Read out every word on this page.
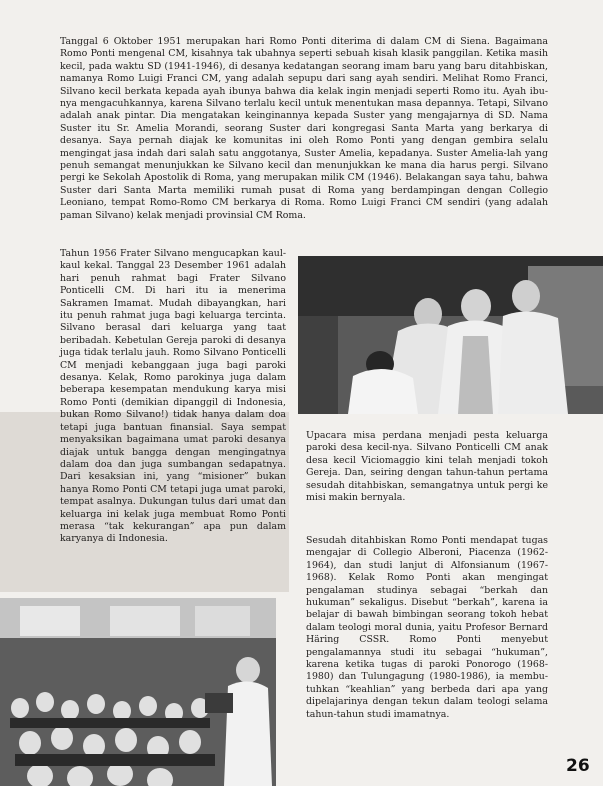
Tanggal 6 Oktober 1951 merupakan hari Romo Ponti diterima di dalam CM di Siena. Bagaimana Romo Ponti mengenal CM, kisahnya tak ubahnya seperti sebuah kisah klasik panggilan. Ketika masih kecil, pada waktu SD (1941-1946), di desanya kedatangan seorang imam baru yang baru ditahbiskan, namanya Romo Luigi Franci CM, yang adalah sepupu dari sang ayah sendiri. Melihat Romo Franci, Silvano kecil berkata kepada ayah ibunya bahwa dia kelak ingin menjadi seperti Romo itu. Ayah ibu-nya mengacuhkannya, karena Silvano terlalu kecil untuk menentukan masa depannya. Tetapi, Silvano adalah anak pintar. Dia mengatakan keinginannya kepada Suster yang mengajarnya di SD. Nama Suster itu Sr. Amelia Morandi, seorang Suster dari kongregasi Santa Marta yang berkarya di desanya. Saya pernah diajak ke komunitas ini oleh Romo Ponti yang dengan gembira selalu mengingat jasa indah dari salah satu anggotanya, Suster Amelia, kepadanya. Suster Amelia-lah yang penuh semangat menunjukkan ke Silvano kecil dan menunjukkan ke mana dia harus pergi. Silvano pergi ke Sekolah Apostolik di Roma, yang merupakan milik CM (1946). Belakangan saya tahu, bahwa Suster dari Santa Marta memiliki rumah pusat di Roma yang berdampingan dengan Collegio Leoniano, tempat Romo-Romo CM berkarya di Roma. Romo Luigi Franci CM sendiri (yang adalah paman Silvano) kelak menjadi provinsial CM Roma.

Tahun 1956 Frater Silvano mengucapkan kaul-kaul kekal. Tanggal 23 Desember 1961 adalah hari penuh rahmat bagi Frater Silvano Ponticelli CM. Di hari itu ia menerima Sakramen Imamat. Mudah dibayangkan, hari itu penuh rahmat juga bagi keluarga tercinta. Silvano berasal dari keluarga yang taat beribadah. Kebetulan Gereja paroki di desanya juga tidak terlalu jauh. Romo Silvano Ponticelli CM menjadi kebanggaan juga bagi paroki desanya. Kelak, Romo parokinya juga dalam beberapa kesempatan mendukung karya misi Romo Ponti (demikian dipanggil di Indonesia, bukan Romo Silvano!) tidak hanya dalam doa tetapi juga bantuan finansial. Saya sempat menyaksikan bagaimana umat paroki desanya diajak untuk bangga dengan mengingatnya dalam doa dan juga sumbangan sedapatnya. Dari kesaksian ini, yang “misioner” bukan hanya Romo Ponti CM tetapi juga umat paroki, tempat asalnya. Dukungan tulus dari umat dan keluarga ini kelak juga membuat Romo Ponti merasa “tak kekurangan” apa pun dalam karyanya di Indonesia.

Upacara misa perdana menjadi pesta keluarga paroki desa kecil-nya. Silvano Ponticelli CM anak desa kecil Viciomaggio kini telah menjadi tokoh Gereja. Dan, seiring dengan tahun-tahun pertama sesudah ditahbiskan, semangatnya untuk pergi ke misi makin bernyala.

Sesudah ditahbiskan Romo Ponti mendapat tugas mengajar di Collegio Alberoni, Piacenza (1962-1964), dan studi lanjut di Alfonsianum (1967-1968). Kelak Romo Ponti akan mengingat pengalaman studinya sebagai “berkah dan hukuman” sekaligus. Disebut “berkah”, karena ia belajar di bawah bimbingan seorang tokoh hebat dalam teologi moral dunia, yaitu Profesor Bernard Häring CSSR. Romo Ponti menyebut pengalamannya studi itu sebagai “hukuman”, karena ketika tugas di paroki Ponorogo (1968-1980) dan Tulungagung (1980-1986), ia membu-tuhkan “keahlian” yang berbeda dari apa yang dipelajarinya dengan tekun dalam teologi selama tahun-tahun studi imamatnya.

26
